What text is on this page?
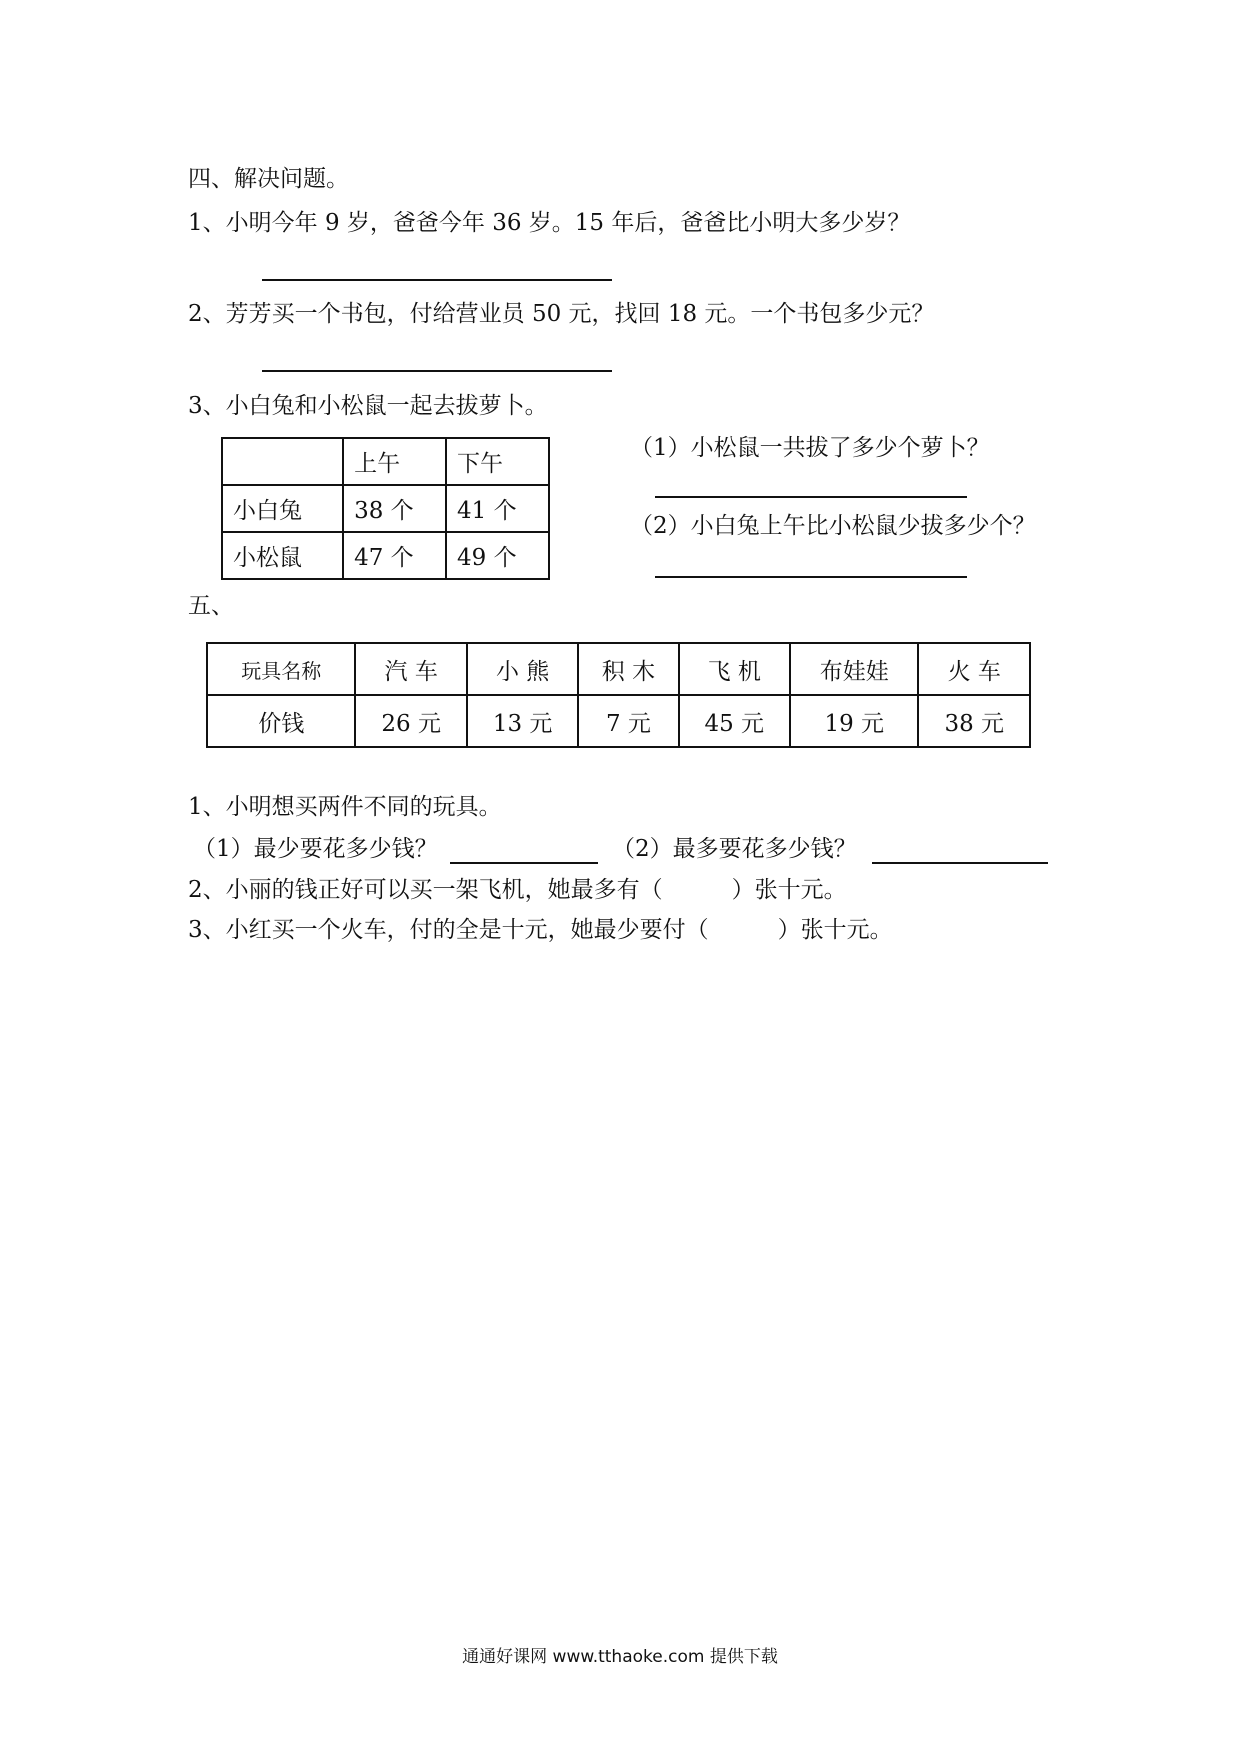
四、解决问题。
1、小明今年 9 岁，爸爸今年 36 岁。15 年后，爸爸比小明大多少岁？
2、芳芳买一个书包，付给营业员 50 元，找回 18 元。一个书包多少元？
3、小白兔和小松鼠一起去拔萝卜。
	上午	下午
小白兔	38 个	41 个
小松鼠	47 个	49 个
（1）小松鼠一共拔了多少个萝卜？
（2）小白兔上午比小松鼠少拔多少个？
五、
玩具名称	汽 车	小 熊	积 木	飞 机	布娃娃	火 车
价钱	26 元	13 元	7 元	45 元	19 元	38 元
1、小明想买两件不同的玩具。
（1）最少要花多少钱？	（2）最多要花多少钱？
2、小丽的钱正好可以买一架飞机，她最多有（　　　）张十元。
3、小红买一个火车，付的全是十元，她最少要付（　　　）张十元。
通通好课网 www.tthaoke.com 提供下载
